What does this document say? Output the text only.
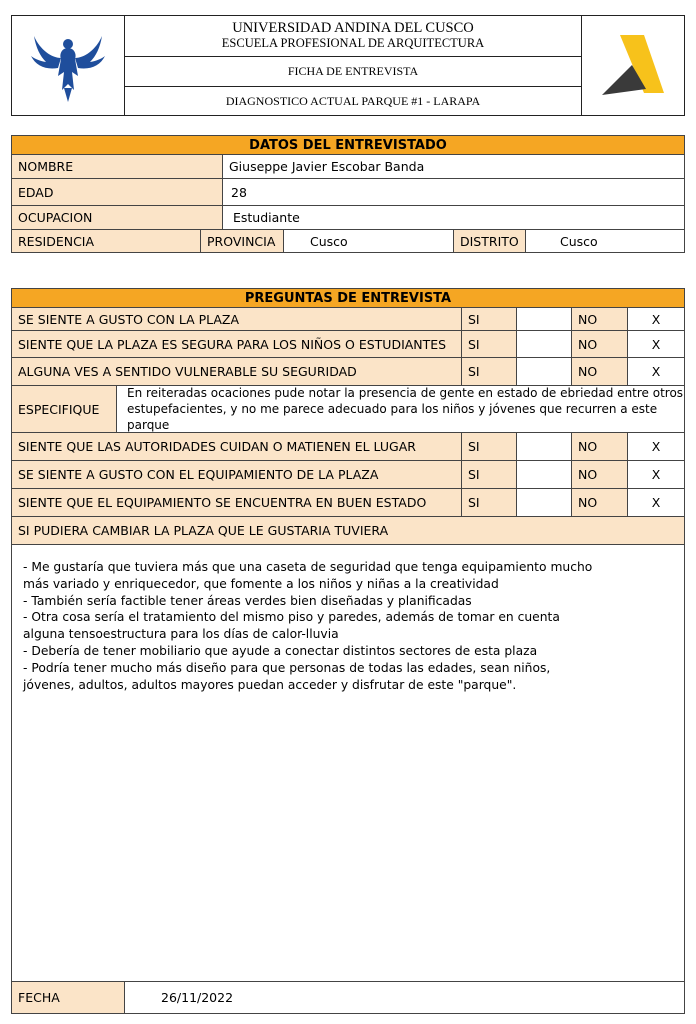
UNIVERSIDAD ANDINA DEL CUSCO
ESCUELA PROFESIONAL DE ARQUITECTURA
FICHA DE ENTREVISTA
DIAGNOSTICO ACTUAL PARQUE #1 - LARAPA
DATOS DEL ENTREVISTADO
NOMBRE	Giuseppe Javier Escobar Banda
EDAD	28
OCUPACION	Estudiante
RESIDENCIA	PROVINCIA	Cusco	DISTRITO	Cusco
PREGUNTAS DE ENTREVISTA
SE SIENTE A GUSTO CON LA PLAZA	SI	NO	X
SIENTE QUE LA PLAZA ES SEGURA PARA LOS NIÑOS O ESTUDIANTES	SI	NO	X
ALGUNA VES A SENTIDO VULNERABLE SU SEGURIDAD	SI	NO	X
ESPECIFIQUE
En reiteradas ocaciones pude notar la presencia de gente en estado de ebriedad entre otros
estupefacientes, y no me parece adecuado para los niños y jóvenes que recurren a este parque
SIENTE QUE LAS AUTORIDADES CUIDAN O MATIENEN EL LUGAR	SI	NO	X
SE SIENTE A GUSTO CON EL EQUIPAMIENTO DE LA PLAZA	SI	NO	X
SIENTE QUE EL EQUIPAMIENTO SE ENCUENTRA EN BUEN ESTADO	SI	NO	X
SI PUDIERA CAMBIAR LA PLAZA QUE LE GUSTARIA TUVIERA
- Me gustaría que tuviera más que una caseta de seguridad que tenga equipamiento mucho
más variado y enriquecedor, que fomente a los niños y niñas a la creatividad
- También sería factible tener áreas verdes bien diseñadas y planificadas
- Otra cosa sería el tratamiento del mismo piso y paredes, además de tomar en cuenta
alguna tensoestructura para los días de calor-lluvia
- Debería de tener mobiliario que ayude a conectar distintos sectores de esta plaza
- Podría tener mucho más diseño para que personas de todas las edades, sean niños,
jóvenes, adultos, adultos mayores puedan acceder y disfrutar de este "parque".
FECHA	26/11/2022
